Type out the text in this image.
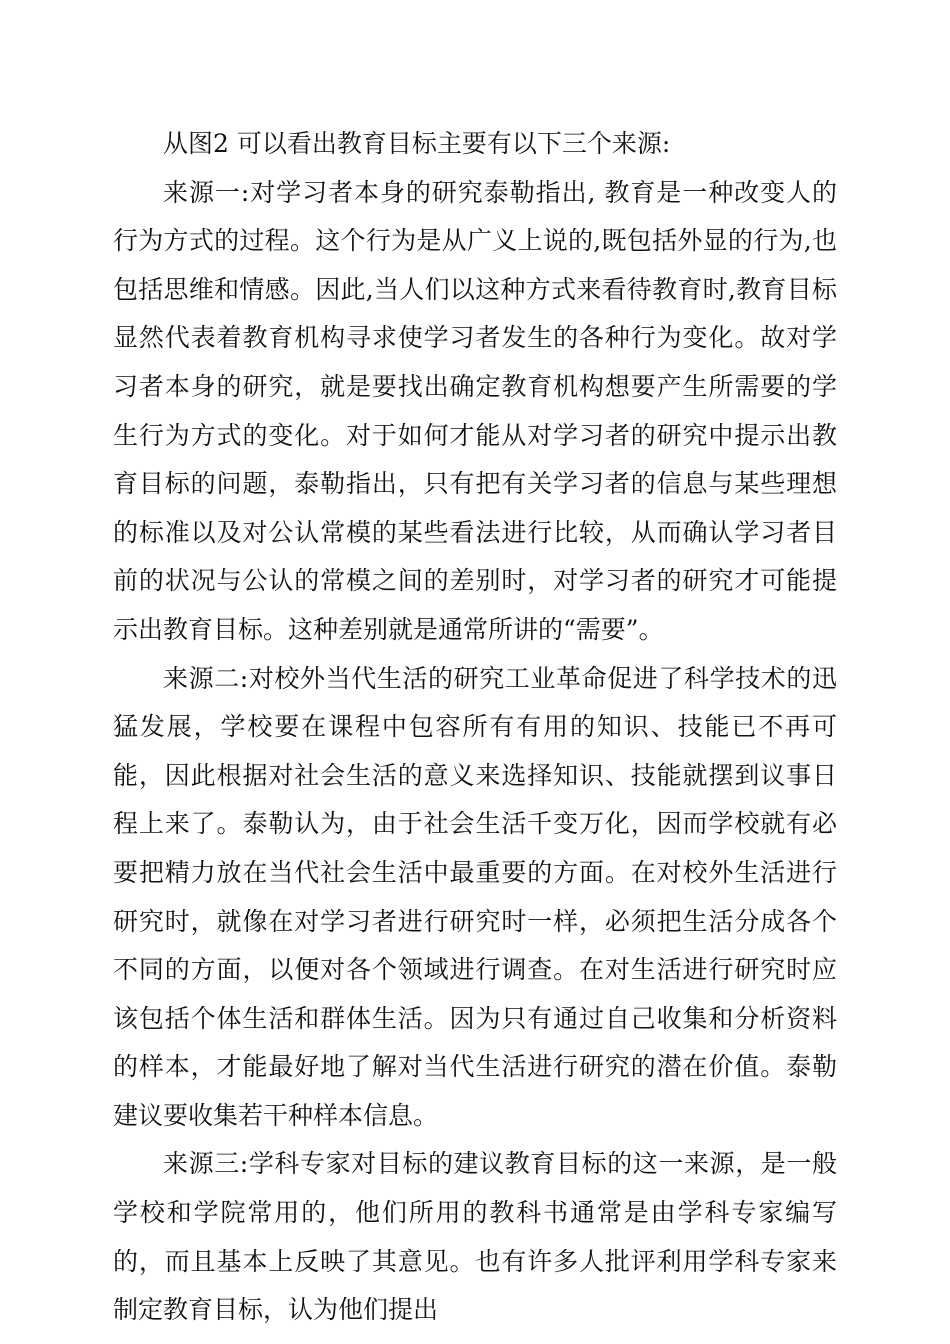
从图2 可以看出教育目标主要有以下三个来源:

来源一:对学习者本身的研究泰勒指出, 教育是一种改变人的行为方式的过程。这个行为是从广义上说的,既包括外显的行为,也包括思维和情感。因此,当人们以这种方式来看待教育时,教育目标显然代表着教育机构寻求使学习者发生的各种行为变化。故对学习者本身的研究，就是要找出确定教育机构想要产生所需要的学生行为方式的变化。对于如何才能从对学习者的研究中提示出教育目标的问题，泰勒指出，只有把有关学习者的信息与某些理想的标准以及对公认常模的某些看法进行比较，从而确认学习者目前的状况与公认的常模之间的差别时，对学习者的研究才可能提示出教育目标。这种差别就是通常所讲的“需要”。

来源二:对校外当代生活的研究工业革命促进了科学技术的迅猛发展，学校要在课程中包容所有有用的知识、技能已不再可能，因此根据对社会生活的意义来选择知识、技能就摆到议事日程上来了。泰勒认为，由于社会生活千变万化，因而学校就有必要把精力放在当代社会生活中最重要的方面。在对校外生活进行研究时，就像在对学习者进行研究时一样，必须把生活分成各个不同的方面，以便对各个领域进行调查。在对生活进行研究时应该包括个体生活和群体生活。因为只有通过自己收集和分析资料的样本，才能最好地了解对当代生活进行研究的潜在价值。泰勒建议要收集若干种样本信息。

来源三:学科专家对目标的建议教育目标的这一来源，是一般学校和学院常用的，他们所用的教科书通常是由学科专家编写的，而且基本上反映了其意见。也有许多人批评利用学科专家来制定教育目标，认为他们提出
